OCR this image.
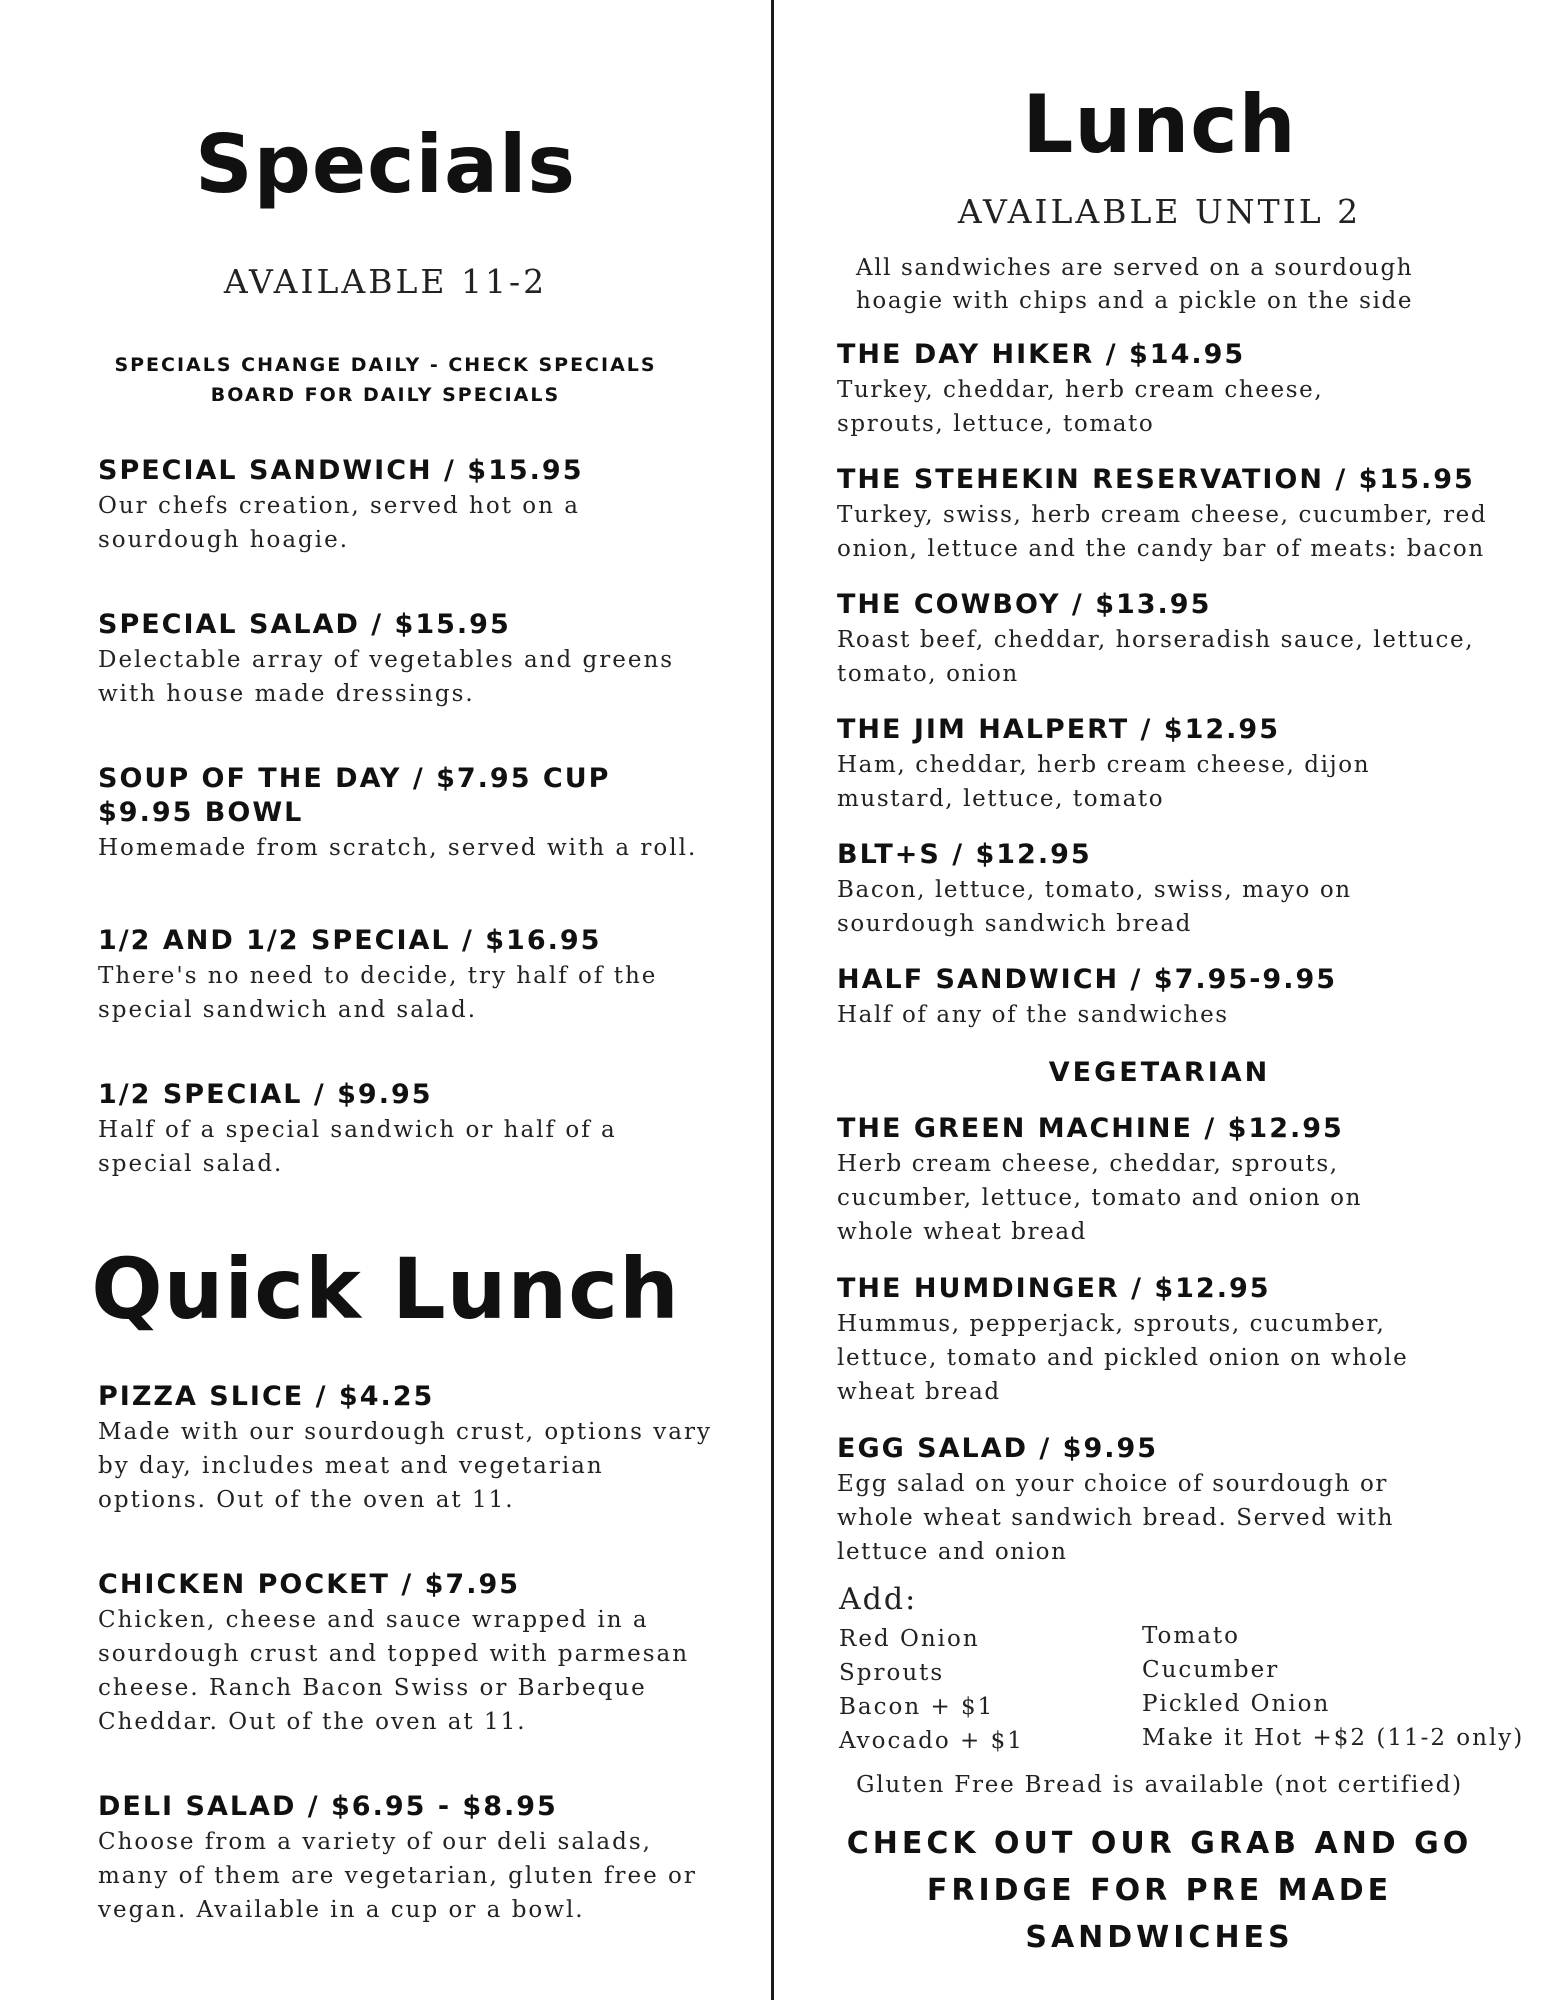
Specials
AVAILABLE 11-2
SPECIALS CHANGE DAILY - CHECK SPECIALS BOARD FOR DAILY SPECIALS
SPECIAL SANDWICH / $15.95
Our chefs creation, served hot on a sourdough hoagie.
SPECIAL SALAD / $15.95
Delectable array of vegetables and greens with house made dressings.
SOUP OF THE DAY / $7.95 CUP $9.95 BOWL
Homemade from scratch, served with a roll.
1/2 AND 1/2 SPECIAL / $16.95
There's no need to decide, try half of the special sandwich and salad.
1/2 SPECIAL / $9.95
Half of a special sandwich or half of a special salad.
Quick Lunch
PIZZA SLICE / $4.25
Made with our sourdough crust, options vary by day, includes meat and vegetarian options. Out of the oven at 11.
CHICKEN POCKET / $7.95
Chicken, cheese and sauce wrapped in a sourdough crust and topped with parmesan cheese. Ranch Bacon Swiss or Barbeque Cheddar. Out of the oven at 11.
DELI SALAD / $6.95 - $8.95
Choose from a variety of our deli salads, many of them are vegetarian, gluten free or vegan. Available in a cup or a bowl.
Lunch
AVAILABLE UNTIL 2
All sandwiches are served on a sourdough hoagie with chips and a pickle on the side
THE DAY HIKER / $14.95
Turkey, cheddar, herb cream cheese, sprouts, lettuce, tomato
THE STEHEKIN RESERVATION / $15.95
Turkey, swiss, herb cream cheese, cucumber, red onion, lettuce and the candy bar of meats: bacon
THE COWBOY / $13.95
Roast beef, cheddar, horseradish sauce, lettuce, tomato, onion
THE JIM HALPERT / $12.95
Ham, cheddar, herb cream cheese, dijon mustard, lettuce, tomato
BLT+S / $12.95
Bacon, lettuce, tomato, swiss, mayo on sourdough sandwich bread
HALF SANDWICH / $7.95-9.95
Half of any of the sandwiches
VEGETARIAN
THE GREEN MACHINE / $12.95
Herb cream cheese, cheddar, sprouts, cucumber, lettuce, tomato and onion on whole wheat bread
THE HUMDINGER / $12.95
Hummus, pepperjack, sprouts, cucumber, lettuce, tomato and pickled onion on whole wheat bread
EGG SALAD / $9.95
Egg salad on your choice of sourdough or whole wheat sandwich bread. Served with lettuce and onion
Add:
Red Onion
Sprouts
Bacon + $1
Avocado + $1
Tomato
Cucumber
Pickled Onion
Make it Hot +$2 (11-2 only)
Gluten Free Bread is available (not certified)
CHECK OUT OUR GRAB AND GO FRIDGE FOR PRE MADE SANDWICHES
